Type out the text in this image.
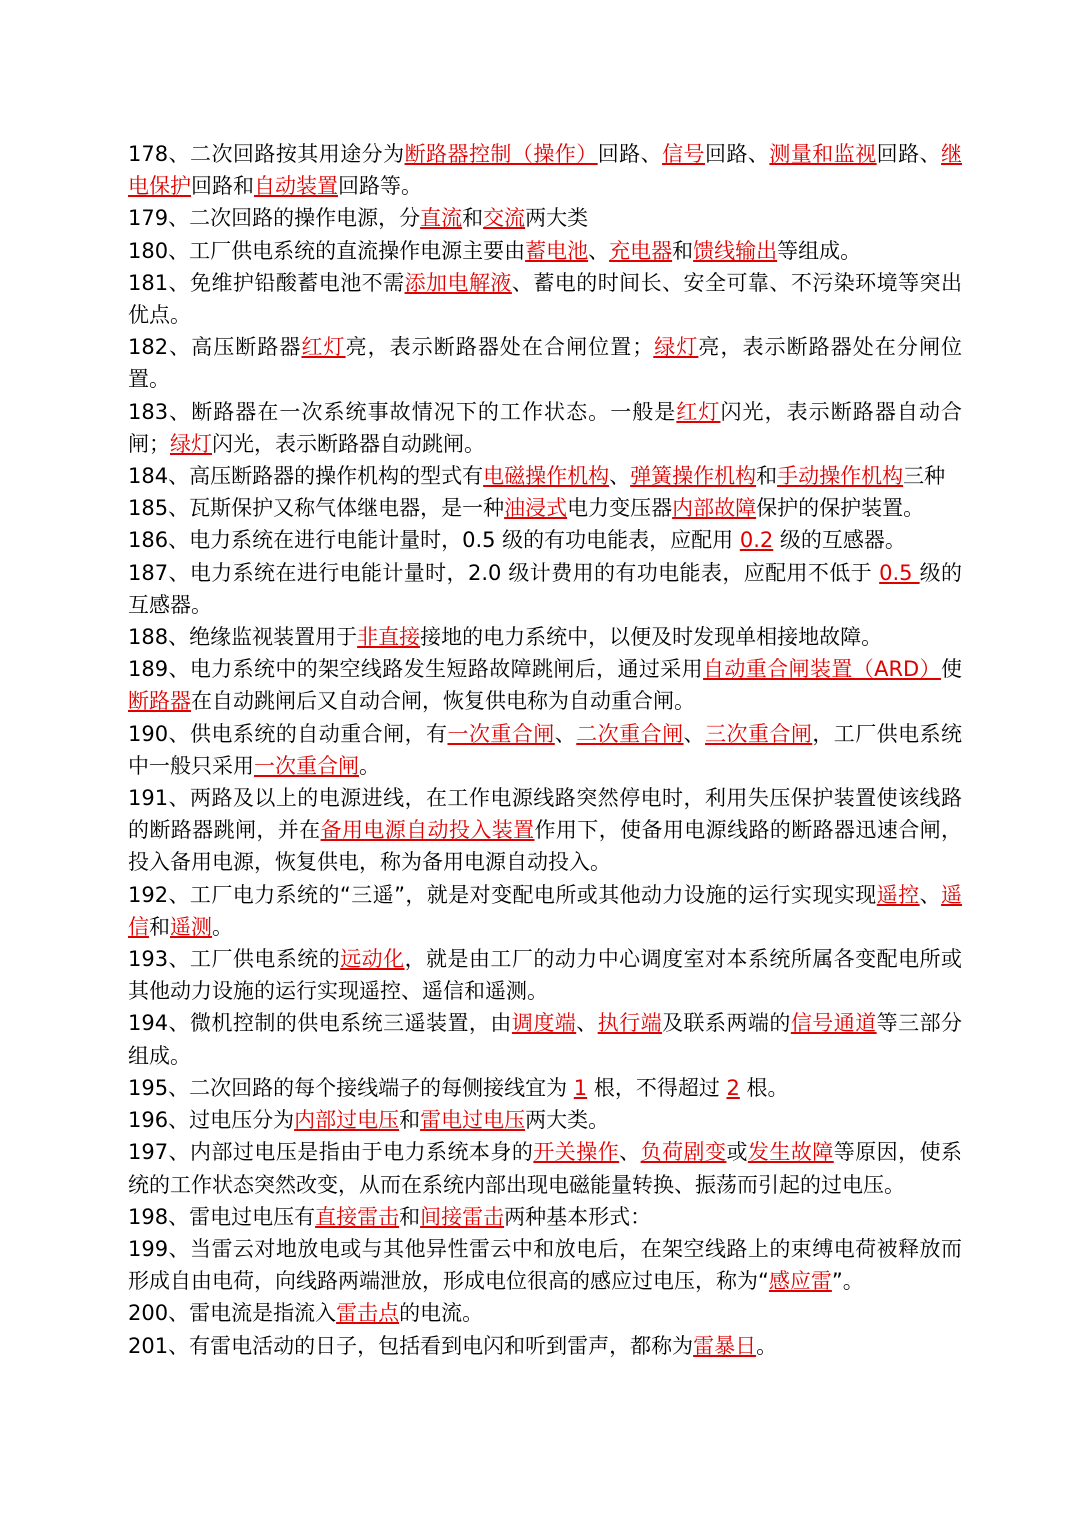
178、二次回路按其用途分为断路器控制（操作）回路、信号回路、测量和监视回路、继电保护回路和自动装置回路等。

179、二次回路的操作电源，分直流和交流两大类

180、工厂供电系统的直流操作电源主要由蓄电池、充电器和馈线输出等组成。

181、免维护铅酸蓄电池不需添加电解液、蓄电的时间长、安全可靠、不污染环境等突出优点。

182、高压断路器红灯亮，表示断路器处在合闸位置；绿灯亮，表示断路器处在分闸位置。

183、断路器在一次系统事故情况下的工作状态。一般是红灯闪光，表示断路器自动合闸；绿灯闪光，表示断路器自动跳闸。

184、高压断路器的操作机构的型式有电磁操作机构、弹簧操作机构和手动操作机构三种

185、瓦斯保护又称气体继电器，是一种油浸式电力变压器内部故障保护的保护装置。

186、电力系统在进行电能计量时，0.5 级的有功电能表，应配用 0.2 级的互感器。

187、电力系统在进行电能计量时，2.0 级计费用的有功电能表，应配用不低于 0.5 级的互感器。

188、绝缘监视装置用于非直接接地的电力系统中，以便及时发现单相接地故障。

189、电力系统中的架空线路发生短路故障跳闸后，通过采用自动重合闸装置（ARD）使断路器在自动跳闸后又自动合闸，恢复供电称为自动重合闸。

190、供电系统的自动重合闸，有一次重合闸、二次重合闸、三次重合闸，工厂供电系统中一般只采用一次重合闸。

191、两路及以上的电源进线，在工作电源线路突然停电时，利用失压保护装置使该线路的断路器跳闸，并在备用电源自动投入装置作用下，使备用电源线路的断路器迅速合闸，投入备用电源，恢复供电，称为备用电源自动投入。

192、工厂电力系统的“三遥”，就是对变配电所或其他动力设施的运行实现实现遥控、遥信和遥测。

193、工厂供电系统的远动化，就是由工厂的动力中心调度室对本系统所属各变配电所或其他动力设施的运行实现遥控、遥信和遥测。

194、微机控制的供电系统三遥装置，由调度端、执行端及联系两端的信号通道等三部分组成。

195、二次回路的每个接线端子的每侧接线宜为 1 根，不得超过 2 根。

196、过电压分为内部过电压和雷电过电压两大类。

197、内部过电压是指由于电力系统本身的开关操作、负荷剧变或发生故障等原因，使系统的工作状态突然改变，从而在系统内部出现电磁能量转换、振荡而引起的过电压。

198、雷电过电压有直接雷击和间接雷击两种基本形式：

199、当雷云对地放电或与其他异性雷云中和放电后，在架空线路上的束缚电荷被释放而形成自由电荷，向线路两端泄放，形成电位很高的感应过电压，称为“感应雷”。

200、雷电流是指流入雷击点的电流。

201、有雷电活动的日子，包括看到电闪和听到雷声，都称为雷暴日。
